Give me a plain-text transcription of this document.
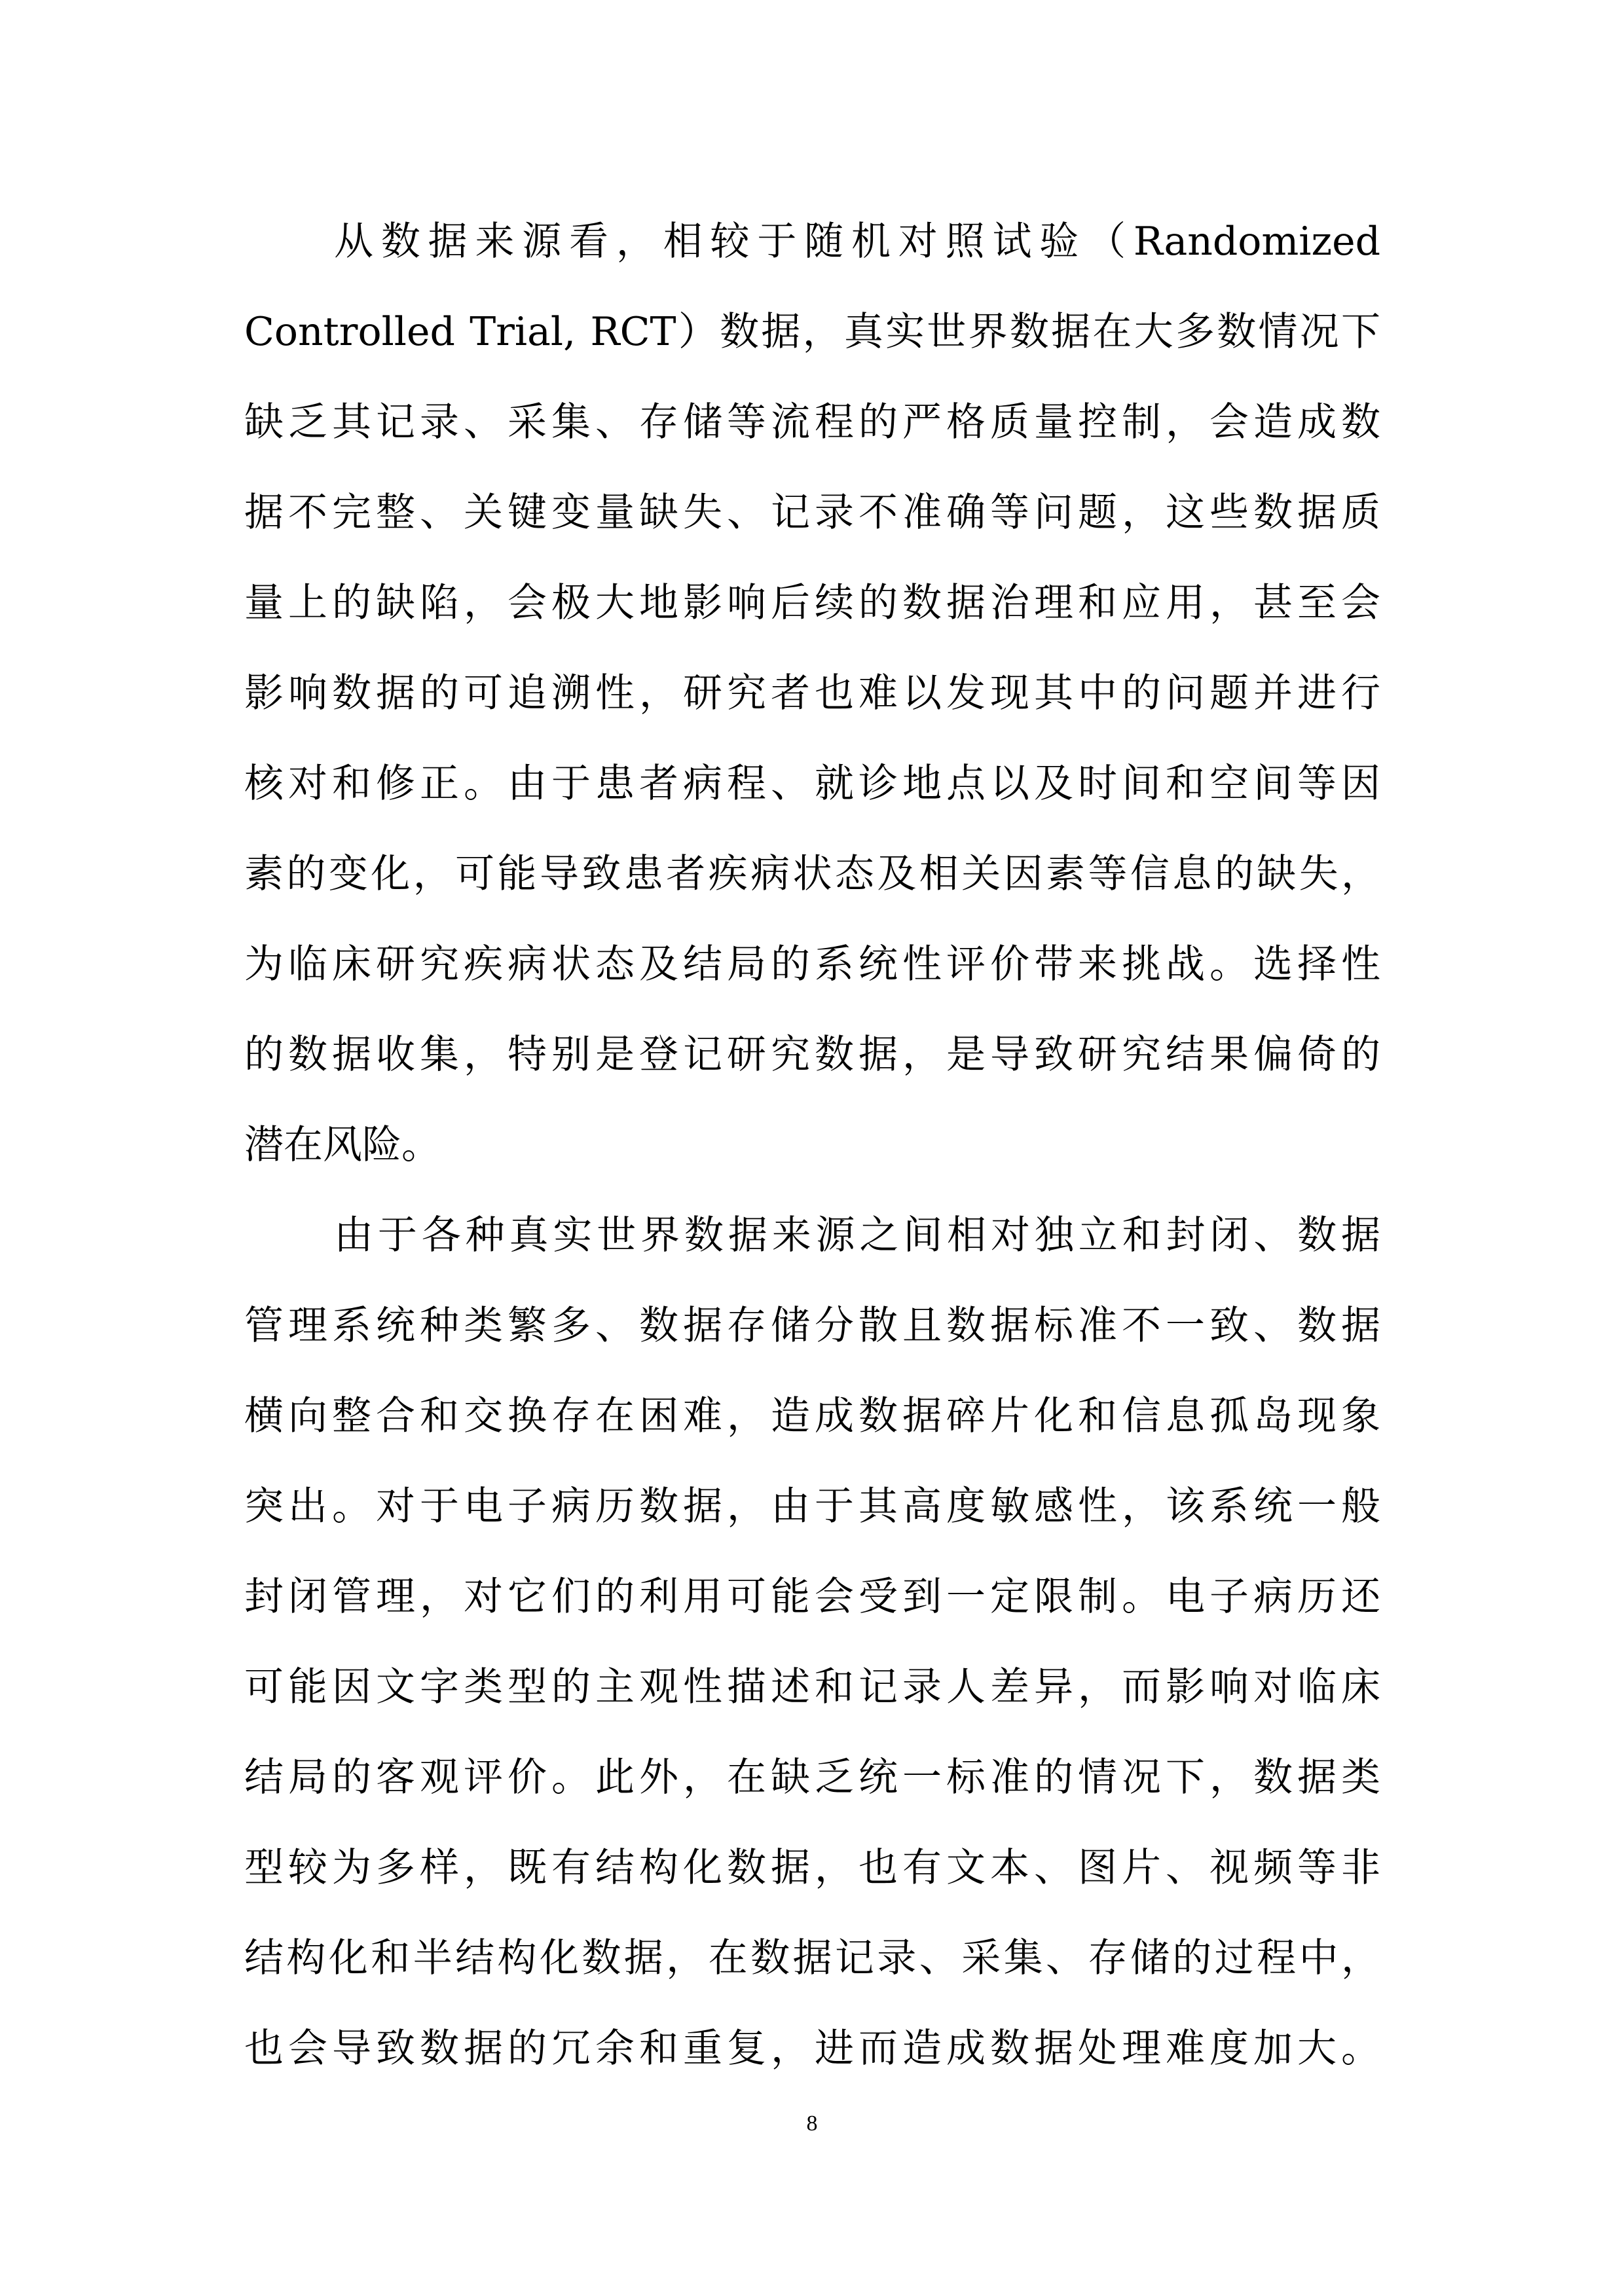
从数据来源看，相较于随机对照试验（Randomized
Controlled Trial, RCT）数据，真实世界数据在大多数情况下
缺乏其记录、采集、存储等流程的严格质量控制，会造成数
据不完整、关键变量缺失、记录不准确等问题，这些数据质
量上的缺陷，会极大地影响后续的数据治理和应用，甚至会
影响数据的可追溯性，研究者也难以发现其中的问题并进行
核对和修正。由于患者病程、就诊地点以及时间和空间等因
素的变化，可能导致患者疾病状态及相关因素等信息的缺失，
为临床研究疾病状态及结局的系统性评价带来挑战。选择性
的数据收集，特别是登记研究数据，是导致研究结果偏倚的
潜在风险。
由于各种真实世界数据来源之间相对独立和封闭、数据
管理系统种类繁多、数据存储分散且数据标准不一致、数据
横向整合和交换存在困难，造成数据碎片化和信息孤岛现象
突出。对于电子病历数据，由于其高度敏感性，该系统一般
封闭管理，对它们的利用可能会受到一定限制。电子病历还
可能因文字类型的主观性描述和记录人差异，而影响对临床
结局的客观评价。此外，在缺乏统一标准的情况下，数据类
型较为多样，既有结构化数据，也有文本、图片、视频等非
结构化和半结构化数据，在数据记录、采集、存储的过程中，
也会导致数据的冗余和重复，进而造成数据处理难度加大。
8
